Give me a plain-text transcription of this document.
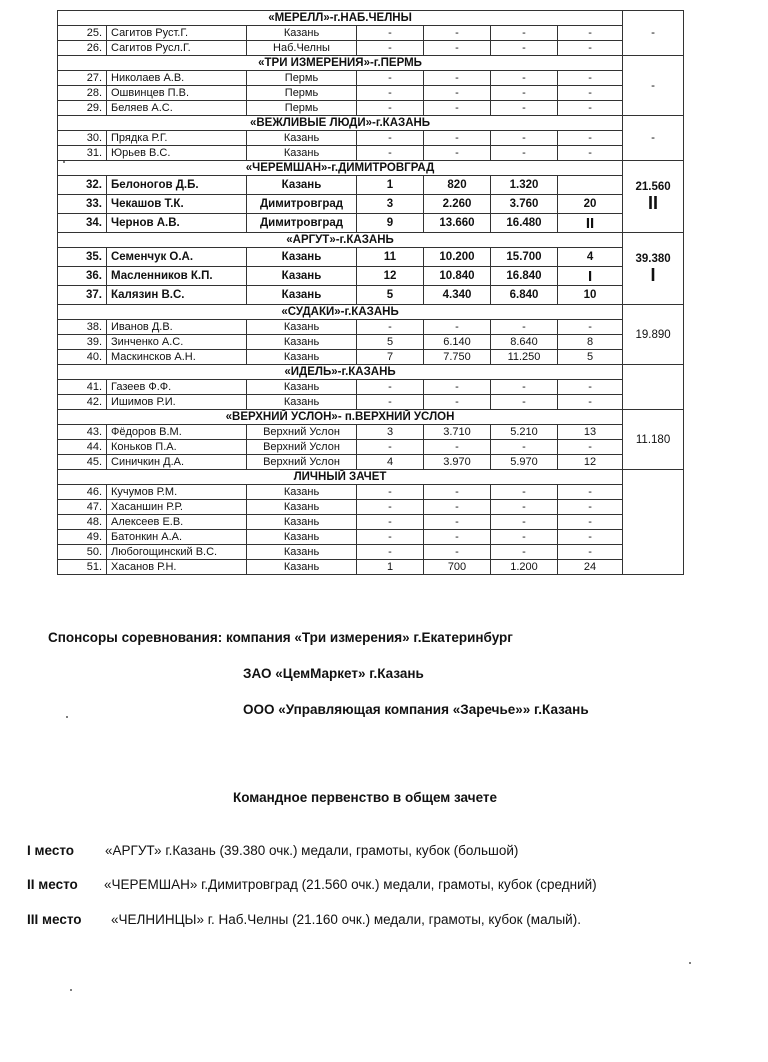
«МЕРЕЛЛ»-г.НАБ.ЧЕЛНЫ							-

25.	Сагитов Руст.Г.	Казань	-	-	-	-	
26.	Сагитов Русл.Г.	Наб.Челны	-	-	-	-	
«ТРИ ИЗМЕРЕНИЯ»-г.ПЕРМЬ							-

27.	Николаев А.В.	Пермь	-	-	-	-	
28.	Ошвинцев П.В.	Пермь	-	-	-	-	
29.	Беляев А.С.	Пермь	-	-	-	-	
«ВЕЖЛИВЫЕ ЛЮДИ»-г.КАЗАНЬ							-

30.	Прядка Р.Г.	Казань	-	-	-	-	
31.	Юрьев В.С.	Казань	-	-	-	-	
«ЧЕРЕМШАН»-г.ДИМИТРОВГРАД							21.560
II

32.	Белоногов Д.Б.	Казань	1	820	1.320		
33.	Чекашов Т.К.	Димитровград	3	2.260	3.760	20	
34.	Чернов А.В.	Димитровград	9	13.660	16.480	II	
«АРГУТ»-г.КАЗАНЬ							39.380
I

35.	Семенчук О.А.	Казань	11	10.200	15.700	4	
36.	Масленников К.П.	Казань	12	10.840	16.840	I	
37.	Калязин В.С.	Казань	5	4.340	6.840	10	
«СУДАКИ»-г.КАЗАНЬ							19.890

38.	Иванов Д.В.	Казань	-	-	-	-	
39.	Зинченко А.С.	Казань	5	6.140	8.640	8	
40.	Маскинсков А.Н.	Казань	7	7.750	11.250	5	
«ИДЕЛЬ»-г.КАЗАНЬ							

41.	Газеев Ф.Ф.	Казань	-	-	-	-	
42.	Ишимов Р.И.	Казань	-	-	-	-	
«ВЕРХНИЙ УСЛОН»- п.ВЕРХНИЙ УСЛОН							11.180

43.	Фёдоров В.М.	Верхний Услон	3	3.710	5.210	13	
44.	Коньков П.А.	Верхний Услон	-	-	-	-	
45.	Синичкин Д.А.	Верхний Услон	4	3.970	5.970	12	
ЛИЧНЫЙ ЗАЧЕТ							

46.	Кучумов Р.М.	Казань	-	-	-	-	
47.	Хасаншин Р.Р.	Казань	-	-	-	-	
48.	Алексеев Е.В.	Казань	-	-	-	-	
49.	Батонкин А.А.	Казань	-	-	-	-	
50.	Любогощинский В.С.	Казань	-	-	-	-	
51.	Хасанов Р.Н.	Казань	1	700	1.200	24	
Спонсоры соревнования: компания «Три измерения» г.Екатеринбург
ЗАО «ЦемМаркет» г.Казань
ООО «Управляющая компания «Заречье»» г.Казань
Командное первенство в общем зачете
I место «АРГУТ» г.Казань (39.380 очк.) медали, грамоты, кубок (большой)
II место «ЧЕРЕМШАН» г.Димитровград (21.560 очк.) медали, грамоты, кубок (средний)
III место «ЧЕЛНИНЦЫ» г. Наб.Челны (21.160 очк.) медали, грамоты, кубок (малый).
